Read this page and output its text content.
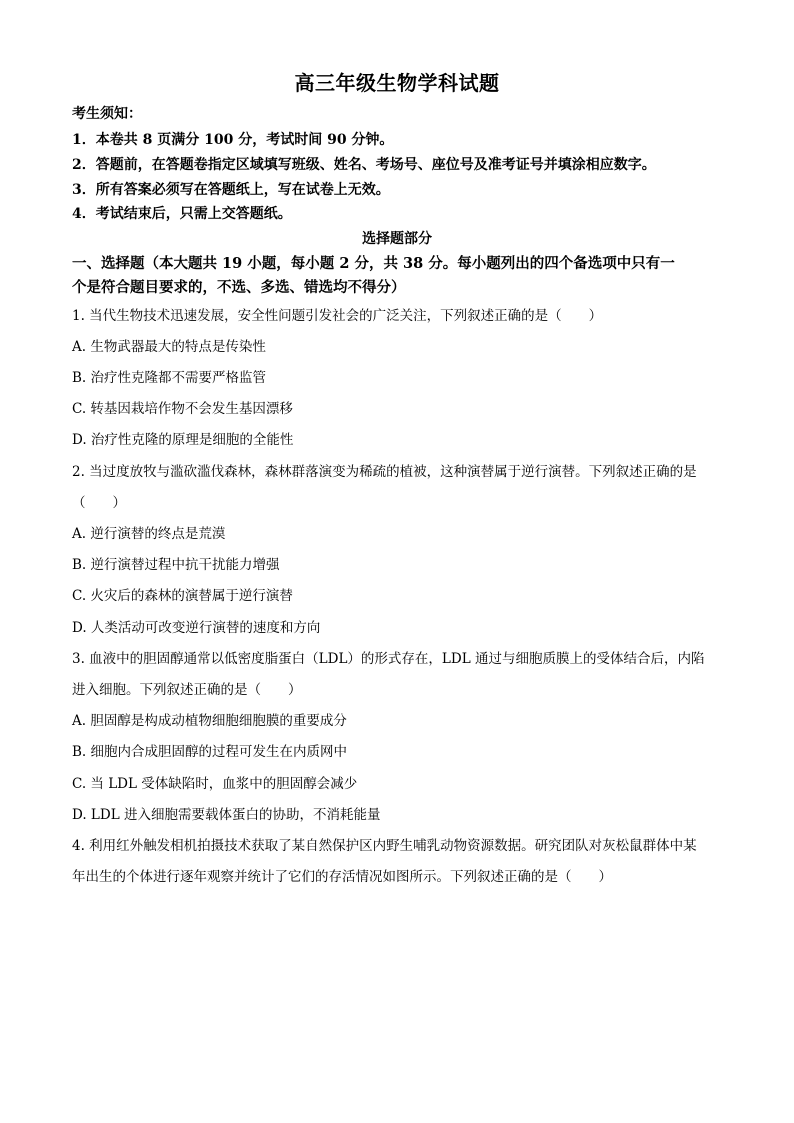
高三年级生物学科试题
考生须知：
1．本卷共 8 页满分 100 分，考试时间 90 分钟。
2．答题前，在答题卷指定区域填写班级、姓名、考场号、座位号及准考证号并填涂相应数字。
3．所有答案必须写在答题纸上，写在试卷上无效。
4．考试结束后，只需上交答题纸。
选择题部分
一、选择题（本大题共 19 小题，每小题 2 分，共 38 分。每小题列出的四个备选项中只有一
个是符合题目要求的，不选、多选、错选均不得分）
1. 当代生物技术迅速发展，安全性问题引发社会的广泛关注，下列叙述正确的是（　　）
A. 生物武器最大的特点是传染性
B. 治疗性克隆都不需要严格监管
C. 转基因栽培作物不会发生基因漂移
D. 治疗性克隆的原理是细胞的全能性
2. 当过度放牧与滥砍滥伐森林，森林群落演变为稀疏的植被，这种演替属于逆行演替。下列叙述正确的是
（　　）
A. 逆行演替的终点是荒漠
B. 逆行演替过程中抗干扰能力增强
C. 火灾后的森林的演替属于逆行演替
D. 人类活动可改变逆行演替的速度和方向
3. 血液中的胆固醇通常以低密度脂蛋白（LDL）的形式存在，LDL 通过与细胞质膜上的受体结合后，内陷
进入细胞。下列叙述正确的是（　　）
A. 胆固醇是构成动植物细胞细胞膜的重要成分
B. 细胞内合成胆固醇的过程可发生在内质网中
C. 当 LDL 受体缺陷时，血浆中的胆固醇会减少
D. LDL 进入细胞需要载体蛋白的协助，不消耗能量
4. 利用红外触发相机拍摄技术获取了某自然保护区内野生哺乳动物资源数据。研究团队对灰松鼠群体中某
年出生的个体进行逐年观察并统计了它们的存活情况如图所示。下列叙述正确的是（　　）
